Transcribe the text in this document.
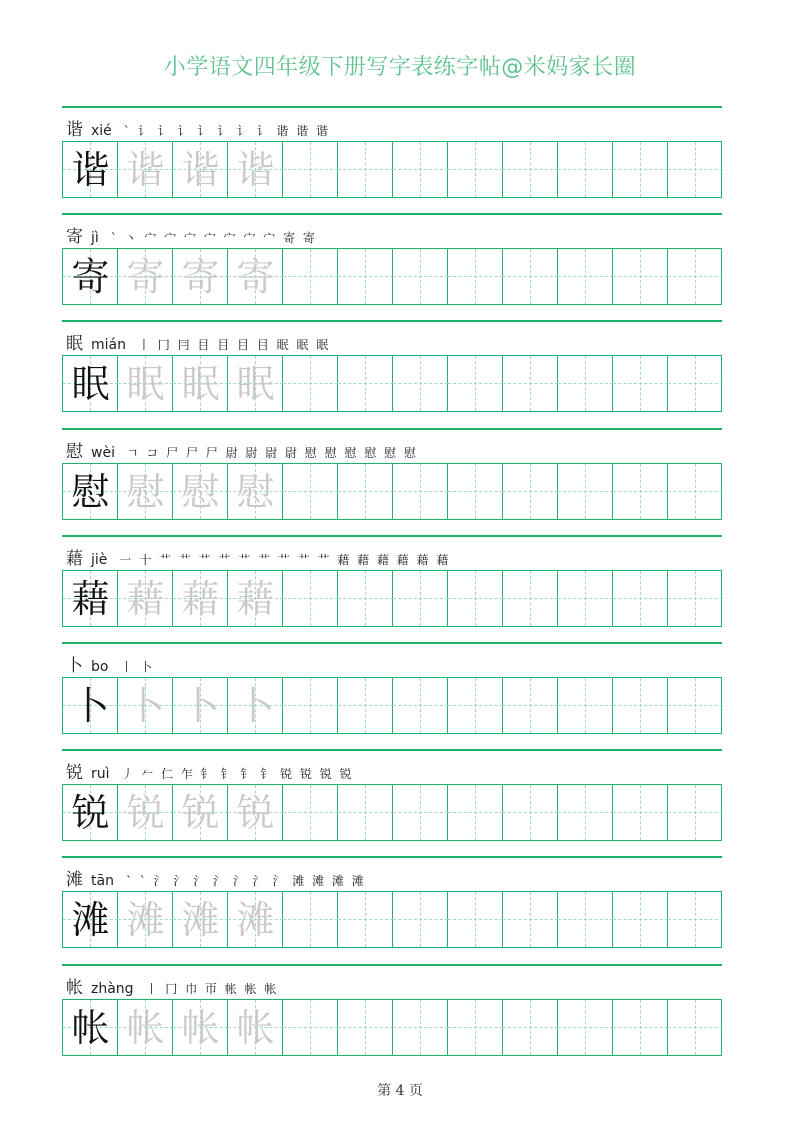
小学语文四年级下册写字表练字帖@米妈家长圈
谐 xié ` 讠 讠 讠 讠 讠 讠 讠 谐 谐 谐
谐 谐 谐 谐
寄 jì ` 丶 宀 宀 宀 宀 宀 宀 宀 寄 寄
寄 寄 寄 寄
眠 mián 丨 冂 冃 目 目 目 目 眠 眠 眠
眠 眠 眠 眠
慰 wèi ㄱ コ 尸 尸 尸 尉 尉 尉 尉 慰 慰 慰 慰 慰 慰
慰 慰 慰 慰
藉 jiè 一 十 艹 艹 艹 艹 艹 艹 艹 艹 艹 藉 藉 藉 藉 藉 藉
藉 藉 藉 藉
卜 bo 丨 卜
卜 卜 卜 卜
锐 ruì 丿 𠂉 仁 乍 钅 钅 钅 钅 锐 锐 锐 锐
锐 锐 锐 锐
滩 tān ` ` 氵 氵 氵 氵 氵 氵 氵 滩 滩 滩 滩
滩 滩 滩 滩
帐 zhàng 丨 冂 巾 帀 帐 帐 帐
帐 帐 帐 帐
第 4 页
